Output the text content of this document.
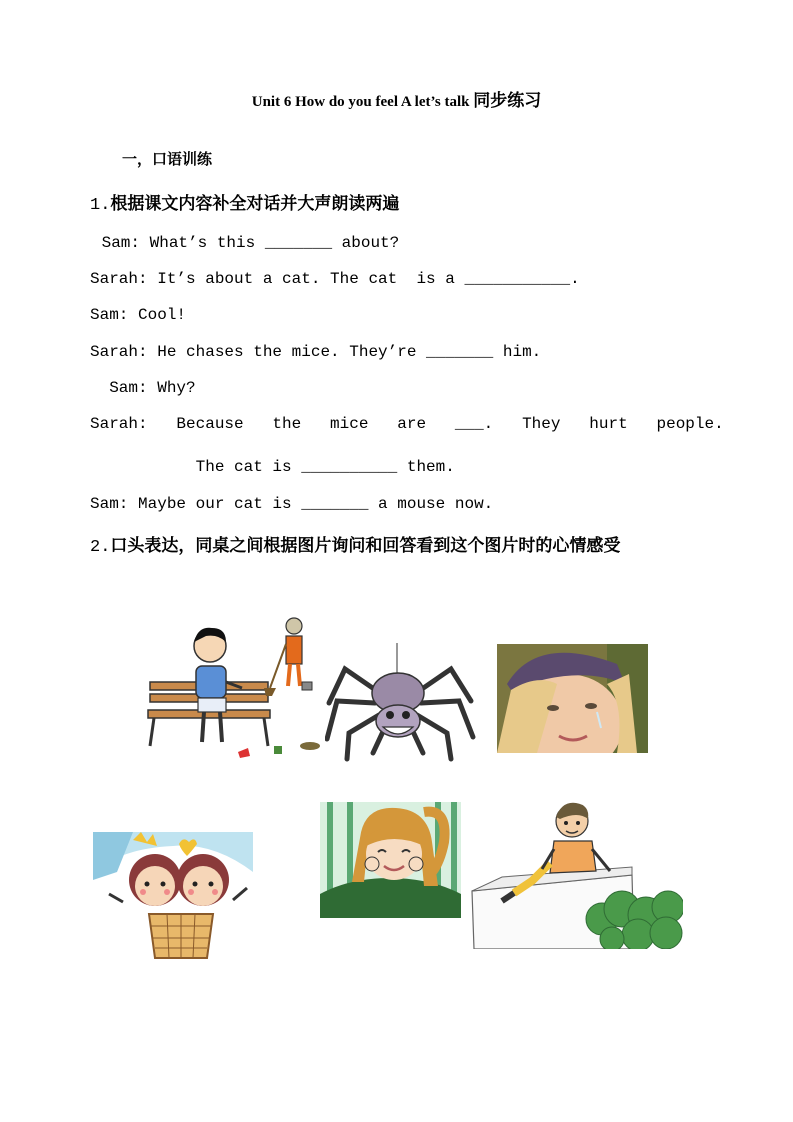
Unit 6 How do you feel A let’s talk 同步练习
一，口语训练
1.根据课文内容补全对话并大声朗读两遍
Sam: What’s this _______ about?
Sarah: It’s about a cat. The cat  is a ___________.
Sam: Cool!
Sarah: He chases the mice. They’re _______ him.
Sam: Why?
Sarah:   Because   the   mice   are   ___.   They   hurt   people.
The cat is __________ them.
Sam: Maybe our cat is _______ a mouse now.
2.口头表达，同桌之间根据图片询问和回答看到这个图片时的心情感受
